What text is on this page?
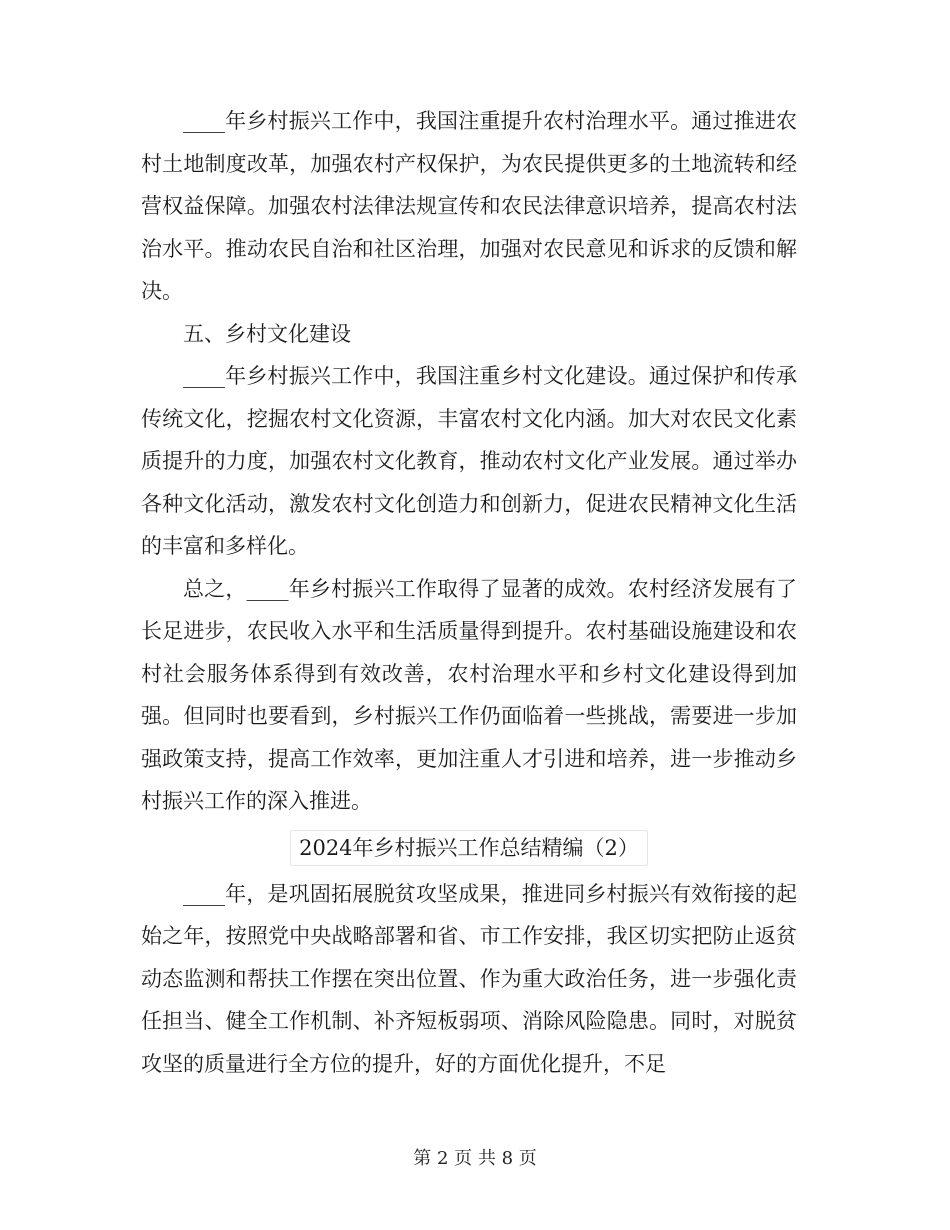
____年乡村振兴工作中，我国注重提升农村治理水平。通过推进农村土地制度改革，加强农村产权保护，为农民提供更多的土地流转和经营权益保障。加强农村法律法规宣传和农民法律意识培养，提高农村法治水平。推动农民自治和社区治理，加强对农民意见和诉求的反馈和解决。

五、乡村文化建设

____年乡村振兴工作中，我国注重乡村文化建设。通过保护和传承传统文化，挖掘农村文化资源，丰富农村文化内涵。加大对农民文化素质提升的力度，加强农村文化教育，推动农村文化产业发展。通过举办各种文化活动，激发农村文化创造力和创新力，促进农民精神文化生活的丰富和多样化。

总之，____年乡村振兴工作取得了显著的成效。农村经济发展有了长足进步，农民收入水平和生活质量得到提升。农村基础设施建设和农村社会服务体系得到有效改善，农村治理水平和乡村文化建设得到加强。但同时也要看到，乡村振兴工作仍面临着一些挑战，需要进一步加强政策支持，提高工作效率，更加注重人才引进和培养，进一步推动乡村振兴工作的深入推进。

2024年乡村振兴工作总结精编（2）

____年，是巩固拓展脱贫攻坚成果，推进同乡村振兴有效衔接的起始之年，按照党中央战略部署和省、市工作安排，我区切实把防止返贫动态监测和帮扶工作摆在突出位置、作为重大政治任务，进一步强化责任担当、健全工作机制、补齐短板弱项、消除风险隐患。同时，对脱贫攻坚的质量进行全方位的提升，好的方面优化提升，不足

第 2 页 共 8 页
